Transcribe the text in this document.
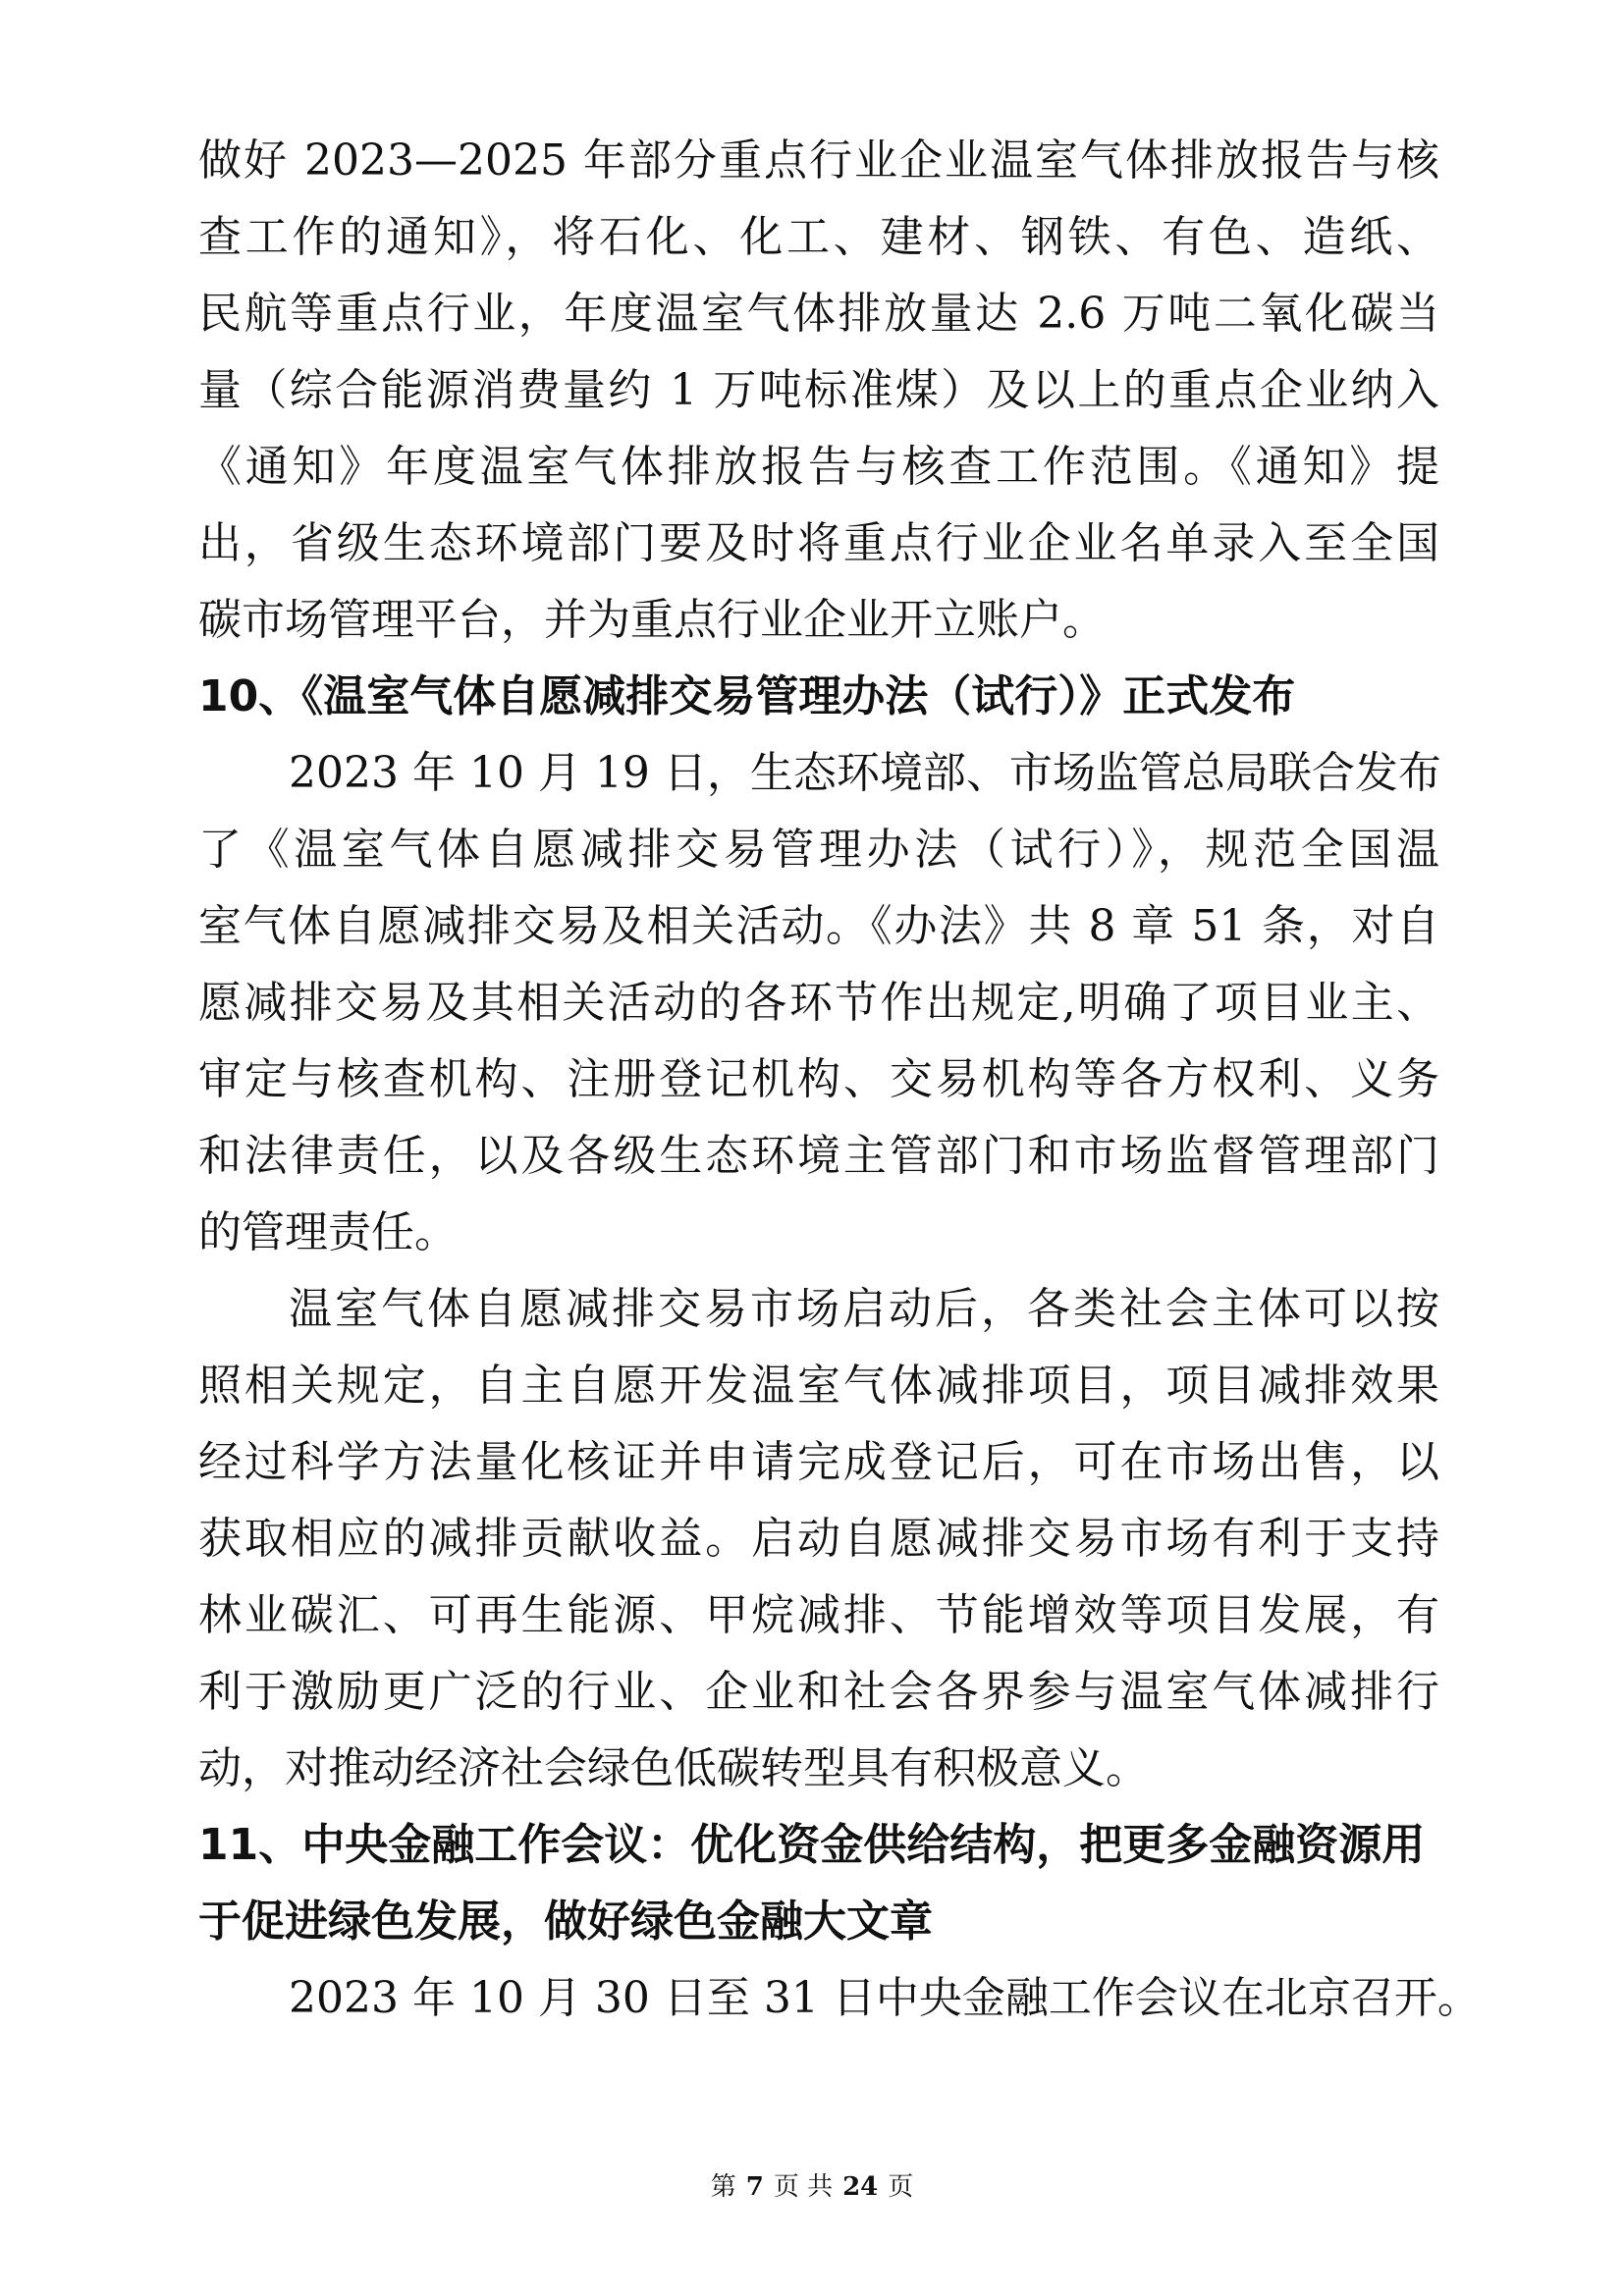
做好 2023—2025 年部分重点行业企业温室气体排放报告与核
查工作的通知》，将石化、化工、建材、钢铁、有色、造纸、
民航等重点行业，年度温室气体排放量达 2.6 万吨二氧化碳当
量（综合能源消费量约 1 万吨标准煤）及以上的重点企业纳入
《通知》年度温室气体排放报告与核查工作范围。《通知》提
出，省级生态环境部门要及时将重点行业企业名单录入至全国
碳市场管理平台，并为重点行业企业开立账户。
10、《温室气体自愿减排交易管理办法（试行）》正式发布
2023 年 10 月 19 日，生态环境部、市场监管总局联合发布
了《温室气体自愿减排交易管理办法（试行）》，规范全国温
室气体自愿减排交易及相关活动。《办法》共 8 章 51 条，对自
愿减排交易及其相关活动的各环节作出规定,明确了项目业主、
审定与核查机构、注册登记机构、交易机构等各方权利、义务
和法律责任，以及各级生态环境主管部门和市场监督管理部门
的管理责任。
温室气体自愿减排交易市场启动后，各类社会主体可以按
照相关规定，自主自愿开发温室气体减排项目，项目减排效果
经过科学方法量化核证并申请完成登记后，可在市场出售，以
获取相应的减排贡献收益。启动自愿减排交易市场有利于支持
林业碳汇、可再生能源、甲烷减排、节能增效等项目发展，有
利于激励更广泛的行业、企业和社会各界参与温室气体减排行
动，对推动经济社会绿色低碳转型具有积极意义。
11、中央金融工作会议：优化资金供给结构，把更多金融资源用
于促进绿色发展，做好绿色金融大文章
2023 年 10 月 30 日至 31 日中央金融工作会议在北京召开。
第 7 页 共 24 页
